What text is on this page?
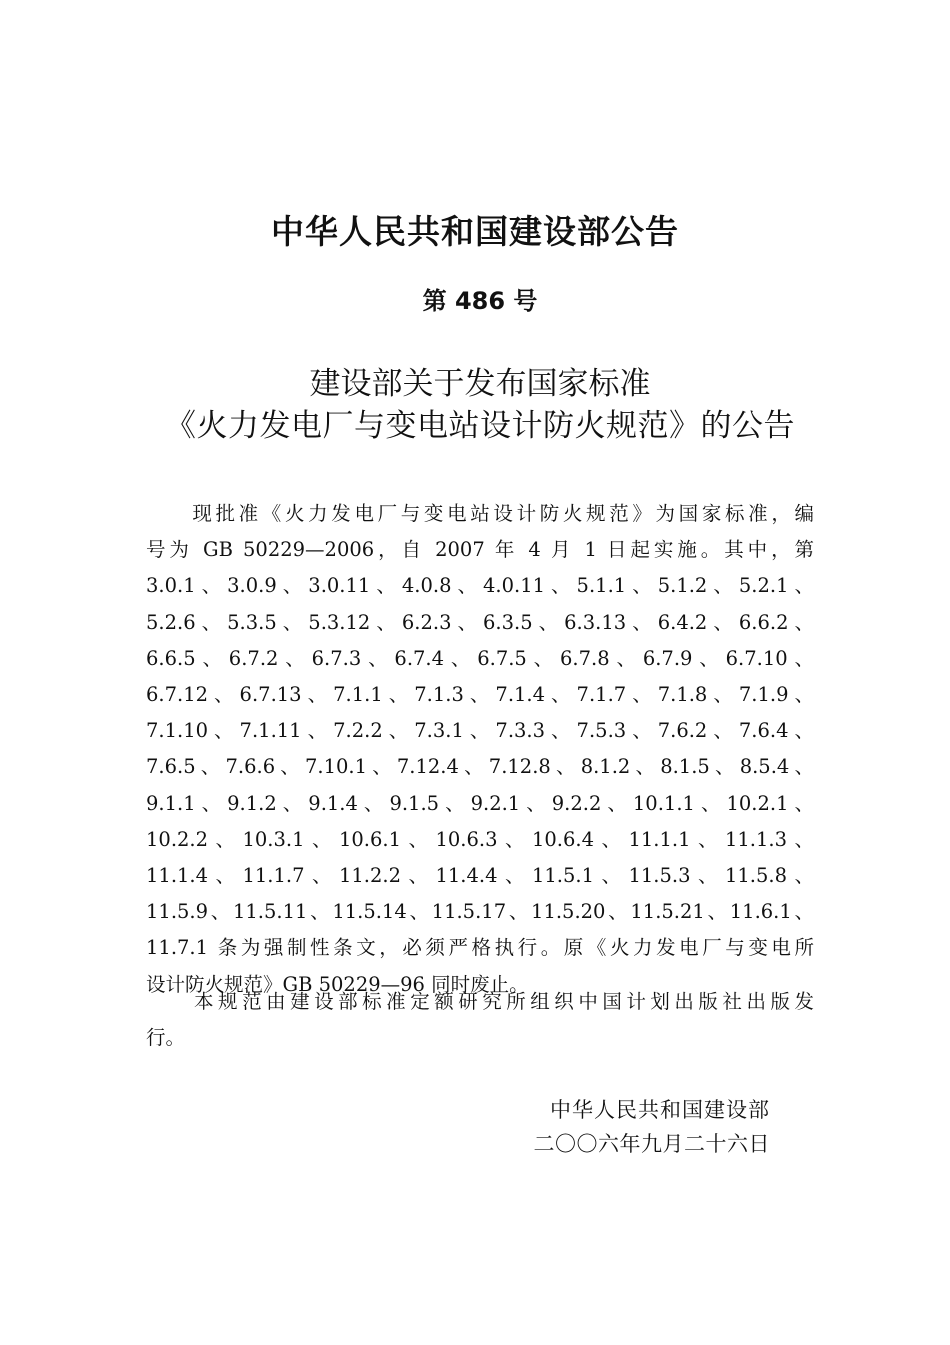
中华人民共和国建设部公告
第 486 号
建设部关于发布国家标准
《火力发电厂与变电站设计防火规范》的公告
　　现批准《火力发电厂与变电站设计防火规范》为国家标准，编
号为 GB 50229—2006，自 2007 年 4 月 1 日起实施。其中，第
3.0.1、3.0.9、3.0.11、4.0.8、4.0.11、5.1.1、5.1.2、5.2.1、
5.2.6、5.3.5、5.3.12、6.2.3、6.3.5、6.3.13、6.4.2、6.6.2、
6.6.5、6.7.2、6.7.3、6.7.4、6.7.5、6.7.8、6.7.9、6.7.10、
6.7.12、6.7.13、7.1.1、7.1.3、7.1.4、7.1.7、7.1.8、7.1.9、
7.1.10、7.1.11、7.2.2、7.3.1、7.3.3、7.5.3、7.6.2、7.6.4、
7.6.5、7.6.6、7.10.1、7.12.4、7.12.8、8.1.2、8.1.5、8.5.4、
9.1.1、9.1.2、9.1.4、9.1.5、9.2.1、9.2.2、10.1.1、10.2.1、
10.2.2、10.3.1、10.6.1、10.6.3、10.6.4、11.1.1、11.1.3、
11.1.4、11.1.7、11.2.2、11.4.4、11.5.1、11.5.3、11.5.8、
11.5.9、11.5.11、11.5.14、11.5.17、11.5.20、11.5.21、11.6.1、
11.7.1 条为强制性条文，必须严格执行。原《火力发电厂与变电所
设计防火规范》GB 50229—96 同时废止。
　　本规范由建设部标准定额研究所组织中国计划出版社出版发
行。
中华人民共和国建设部
二〇〇六年九月二十六日
